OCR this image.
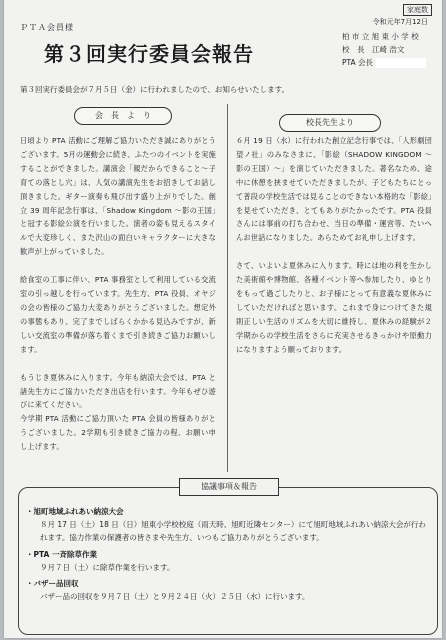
家庭数
令和元年7月12日
ＰＴＡ会員様
第３回実行委員会報告
柏 市 立 旭 東 小 学 校
校　長　江崎 浩文
PTA 会長
第３回実行委員会が７月５日（金）に行われましたので、お知らせいたします。
会　長　よ　り
校長先生より

日頃より PTA 活動にご理解ご協力いただき誠にありがとうございます。5月の運動会に続き、ふたつのイベントを実施することができました。講演会「親だからできること～子育ての落とし穴」は、人気の講演先生をお招きしてお話し頂きました。ギター演奏も飛び出す盛り上がりでした。創立 39 周年記念行事は、「Shadow Kingdom ～影の王国」と冠する影絵公演を行いました。演者の姿も見えるスタイルで大変珍しく、また沢山の面白いキャラクターに大きな歓声が上がっていました。

給食室の工事に伴い、PTA 事務室として利用している交流室の引っ越しを行っています。先生方、PTA 役員、オヤジの会の皆様のご協力大変ありがとうございました。想定外の事態もあり、完了までしばらくかかる見込みですが、新しい交流室の準備が落ち着くまで引き続きご協力お願いします。

もうじき夏休みに入ります。今年も納涼大会では、PTA と諸先生方にご協力いただき出店を行います。今年もぜひ遊びに来てください。

今学期 PTA 活動にご協力頂いた PTA 会員の皆様ありがとうございました。2学期も引き続きご協力の程、お願い申し上げます。

６月 19 日（水）に行われた創立記念行事では、「人形劇団 望ノ社」のみなさまに、「影絵（SHADOW KINGDOM ～影の王国）～」を演じていただきました。著名なため、途中に休憩を挟ませていただきましたが、子どもたちにとって普段の学校生活では見ることのできない本格的な「影絵」を見せていただき、とてもありがたかったです。PTA 役員さんには事前の打ち合わせ、当日の準備・運営等、たいへんお世話になりました。あらためてお礼申し上げます。

さて、いよいよ夏休みに入ります。時には地の利を生かした美術館や博物館、各種イベント等へ参加したり、ゆとりをもって過ごしたりと、お子様にとって有意義な夏休みにしていただければと思います。これまで身につけてきた規則正しい生活のリズムを大切に維持し、夏休みの経験が２学期からの学校生活をさらに充実させるきっかけや原動力になりますよう願っております。

協議事項＆報告
・旭町地域ふれあい納涼大会
８月 17 日（土）18 日（日）旭東小学校校庭（雨天時、旭町近隣センター）にて旭町地域ふれあい納涼大会が行われます。協力作業の保護者の皆さまや先生方、いつもご協力ありがとうございます。
・PTA 一斉除草作業
９月７日（土）に除草作業を行います。
・バザー品回収
バザー品の回収を９月７日（土）と９月２４日（火）２５日（水）に行います。
